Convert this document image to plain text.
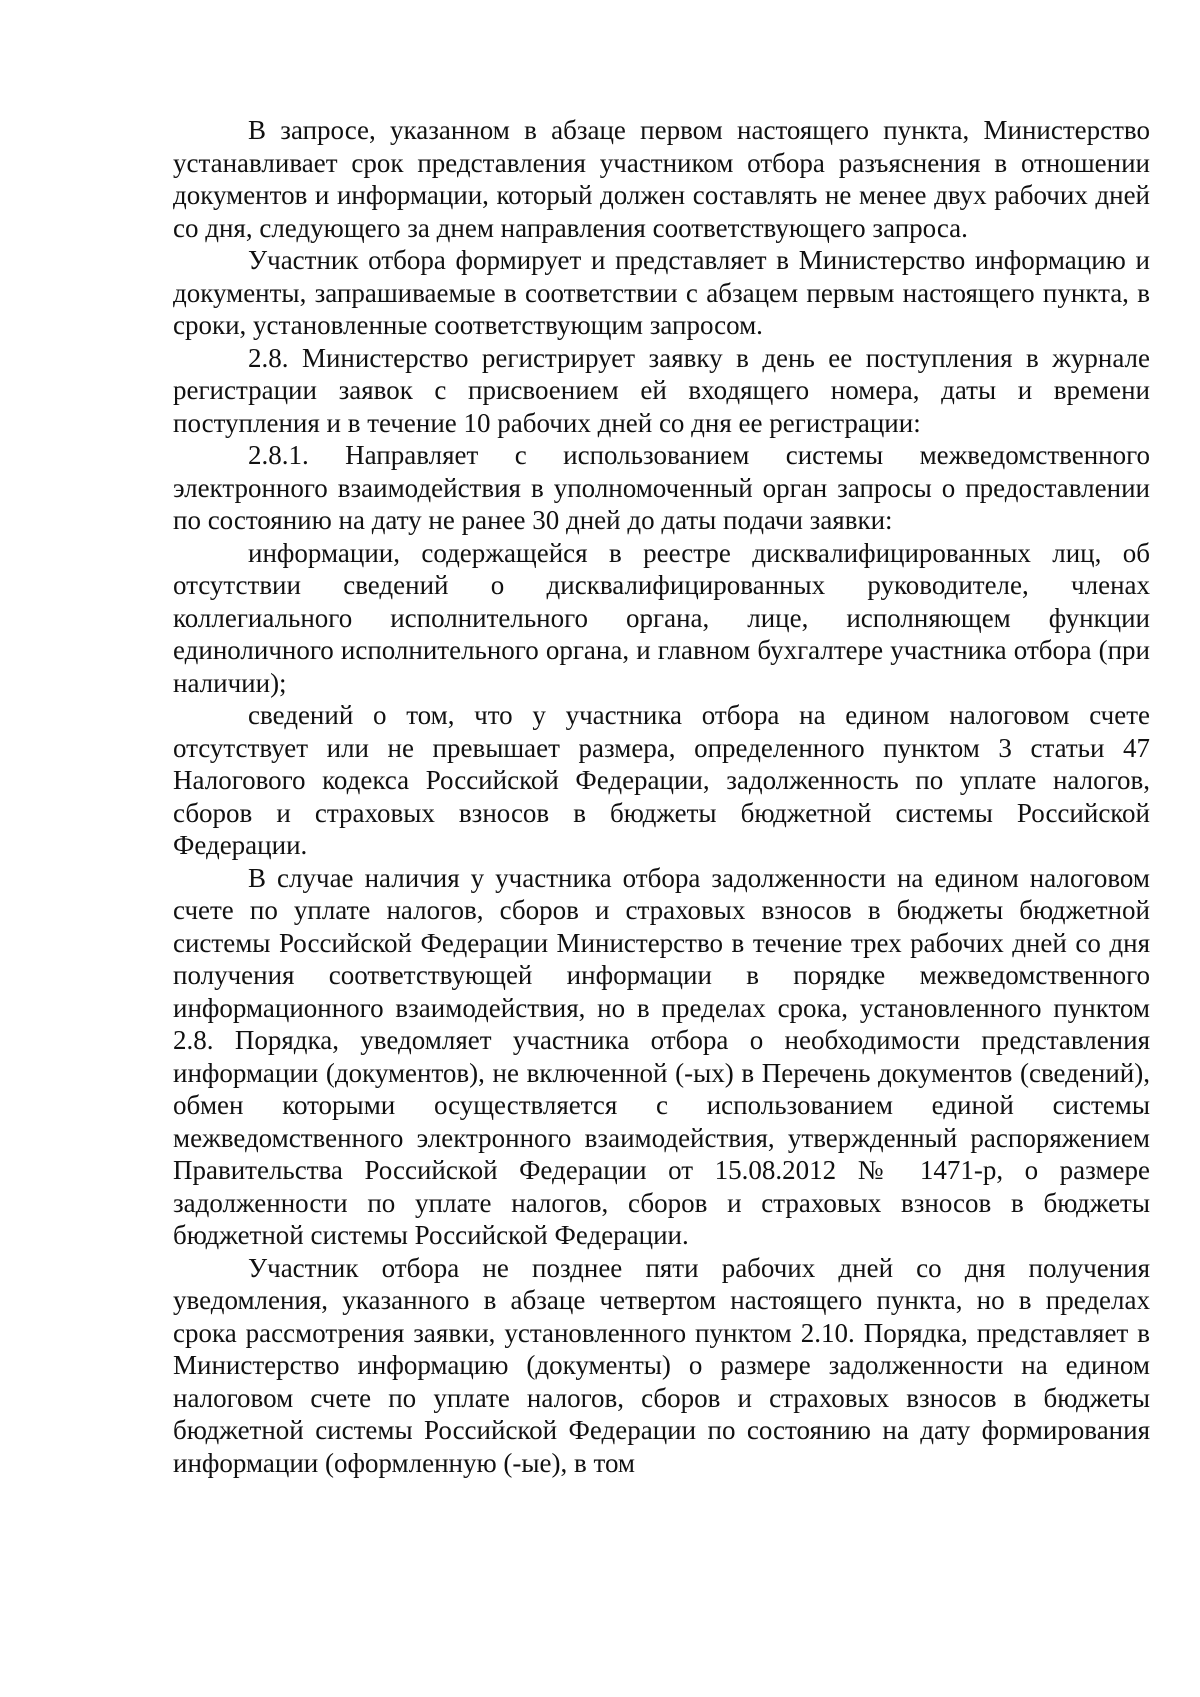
В запросе, указанном в абзаце первом настоящего пункта, Министерство устанавливает срок представления участником отбора разъяснения в отношении документов и информации, который должен составлять не менее двух рабочих дней со дня, следующего за днем направления соответствующего запроса.

Участник отбора формирует и представляет в Министерство информацию и документы, запрашиваемые в соответствии с абзацем первым настоящего пункта, в сроки, установленные соответствующим запросом.

2.8. Министерство регистрирует заявку в день ее поступления в журнале регистрации заявок с присвоением ей входящего номера, даты и времени поступления и в течение 10 рабочих дней со дня ее регистрации:

2.8.1. Направляет с использованием системы межведомственного электронного взаимодействия в уполномоченный орган запросы о предоставлении по состоянию на дату не ранее 30 дней до даты подачи заявки:

информации, содержащейся в реестре дисквалифицированных лиц, об отсутствии сведений о дисквалифицированных руководителе, членах коллегиального исполнительного органа, лице, исполняющем функции единоличного исполнительного органа, и главном бухгалтере участника отбора (при наличии);

сведений о том, что у участника отбора на едином налоговом счете отсутствует или не превышает размера, определенного пунктом 3 статьи 47 Налогового кодекса Российской Федерации, задолженность по уплате налогов, сборов и страховых взносов в бюджеты бюджетной системы Российской Федерации.

В случае наличия у участника отбора задолженности на едином налоговом счете по уплате налогов, сборов и страховых взносов в бюджеты бюджетной системы Российской Федерации Министерство в течение трех рабочих дней со дня получения соответствующей информации в порядке межведомственного информационного взаимодействия, но в пределах срока, установленного пунктом 2.8. Порядка, уведомляет участника отбора о необходимости представления информации (документов), не включенной (-ых) в Перечень документов (сведений), обмен которыми осуществляется с использованием единой системы межведомственного электронного взаимодействия, утвержденный распоряжением Правительства Российской Федерации от 15.08.2012 № 1471-р, о размере задолженности по уплате налогов, сборов и страховых взносов в бюджеты бюджетной системы Российской Федерации.

Участник отбора не позднее пяти рабочих дней со дня получения уведомления, указанного в абзаце четвертом настоящего пункта, но в пределах срока рассмотрения заявки, установленного пунктом 2.10. Порядка, представляет в Министерство информацию (документы) о размере задолженности на едином налоговом счете по уплате налогов, сборов и страховых взносов в бюджеты бюджетной системы Российской Федерации по состоянию на дату формирования информации (оформленную (-ые), в том
